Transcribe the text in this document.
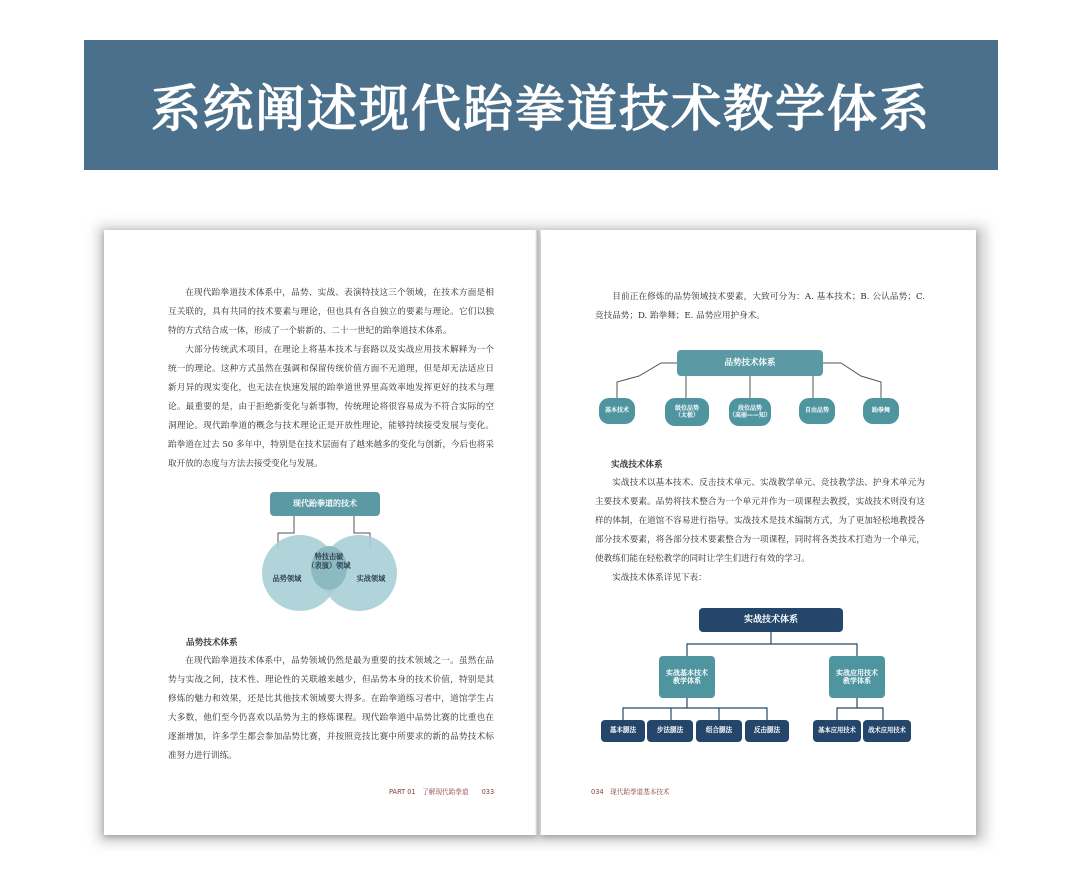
系统阐述现代跆拳道技术教学体系

在现代跆拳道技术体系中，品势、实战、表演特技这三个领域，在技术方面是相互关联的，具有共同的技术要素与理论，但也具有各自独立的要素与理论。它们以独特的方式结合成一体，形成了一个崭新的、二十一世纪的跆拳道技术体系。

大部分传统武术项目，在理论上将基本技术与套路以及实战应用技术解释为一个统一的理论。这种方式虽然在强调和保留传统价值方面不无道理，但是却无法适应日新月异的现实变化，也无法在快速发展的跆拳道世界里高效率地发挥更好的技术与理论。最重要的是，由于拒绝新变化与新事物，传统理论将很容易成为不符合实际的空洞理论。现代跆拳道的概念与技术理论正是开放性理论，能够持续接受发展与变化。跆拳道在过去 50 多年中，特别是在技术层面有了越来越多的变化与创新，今后也将采取开放的态度与方法去接受变化与发展。

现代跆拳道的技术
特技击破
（表演）领域
品势领域	实战领域
品势技术体系

在现代跆拳道技术体系中，品势领域仍然是最为重要的技术领域之一。虽然在品势与实战之间，技术性、理论性的关联越来越少，但品势本身的技术价值，特别是其修炼的魅力和效果，还是比其他技术领域要大得多。在跆拳道练习者中，道馆学生占大多数，他们至今仍喜欢以品势为主的修炼课程。现代跆拳道中品势比赛的比重也在逐渐增加，许多学生都会参加品势比赛，并按照竞技比赛中所要求的新的品势技术标准努力进行训练。

PART 01　了解现代跆拳道　　033

目前正在修炼的品势领域技术要素，大致可分为：A. 基本技术；B. 公认品势；C. 竞技品势；D. 跆拳舞；E. 品势应用护身术。

品势技术体系
基本技术	级位品势
（太极）
段位品势
（高丽——知）
自由品势	跆拳舞
实战技术体系

实战技术以基本技术、反击技术单元、实战教学单元、竞技教学法、护身术单元为主要技术要素。品势将技术整合为一个单元并作为一项课程去教授，实战技术则没有这样的体制，在道馆不容易进行指导。实战技术是技术编制方式，为了更加轻松地教授各部分技术要素，将各部分技术要素整合为一项课程，同时将各类技术打造为一个单元，使教练们能在轻松教学的同时让学生们进行有效的学习。

实战技术体系详见下表：

实战技术体系
实战基本技术
教学体系
实战应用技术
教学体系
基本腿法	步法腿法	组合腿法	反击腿法	基本应用技术	战术应用技术
034　现代跆拳道基本技术
